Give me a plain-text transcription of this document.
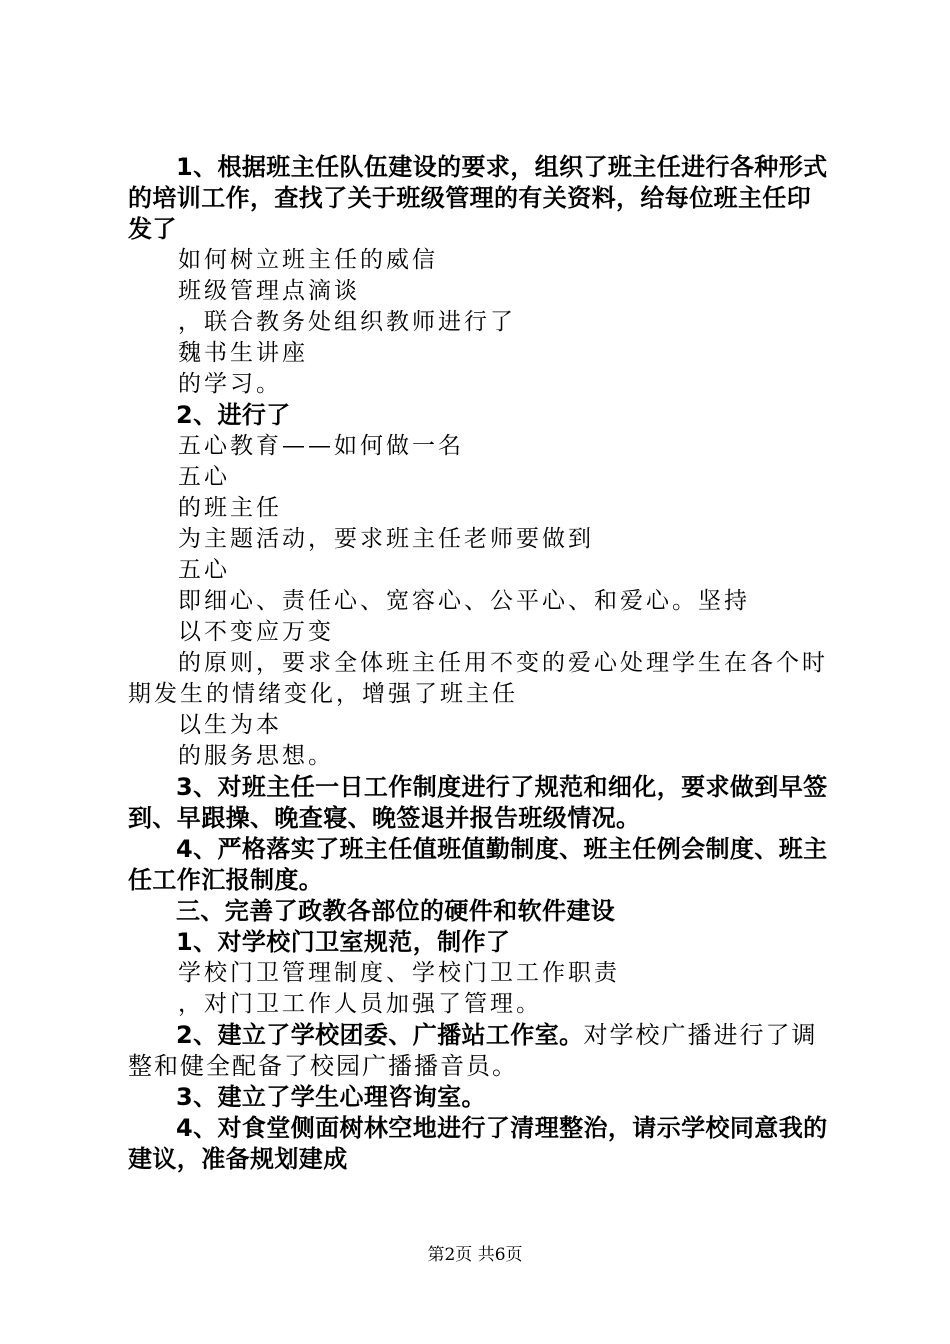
1、根据班主任队伍建设的要求，组织了班主任进行各种形式的培训工作，查找了关于班级管理的有关资料，给每位班主任印发了

如何树立班主任的威信

班级管理点滴谈

，联合教务处组织教师进行了

魏书生讲座

的学习。

2、进行了

五心教育——如何做一名

五心

的班主任

为主题活动，要求班主任老师要做到

五心

即细心、责任心、宽容心、公平心、和爱心。坚持

以不变应万变

的原则，要求全体班主任用不变的爱心处理学生在各个时期发生的情绪变化，增强了班主任

以生为本

的服务思想。

3、对班主任一日工作制度进行了规范和细化，要求做到早签到、早跟操、晚查寝、晚签退并报告班级情况。

4、严格落实了班主任值班值勤制度、班主任例会制度、班主任工作汇报制度。

三、完善了政教各部位的硬件和软件建设

1、对学校门卫室规范，制作了

学校门卫管理制度、学校门卫工作职责

，对门卫工作人员加强了管理。

2、建立了学校团委、广播站工作室。对学校广播进行了调整和健全配备了校园广播播音员。

3、建立了学生心理咨询室。

4、对食堂侧面树林空地进行了清理整治，请示学校同意我的建议，准备规划建成

第2页 共6页
